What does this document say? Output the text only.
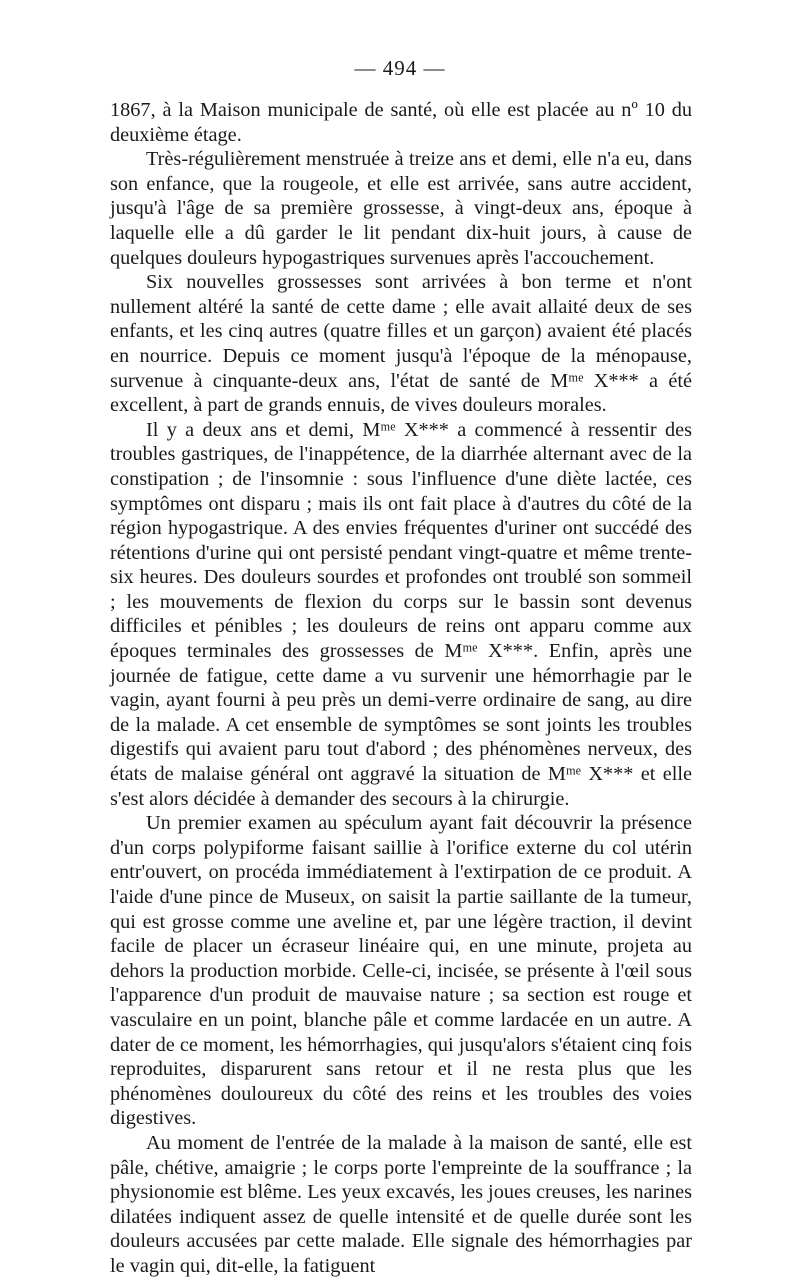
— 494 —

1867, à la Maison municipale de santé, où elle est placée au nº 10 du deuxième étage.

Très-régulièrement menstruée à treize ans et demi, elle n'a eu, dans son enfance, que la rougeole, et elle est arrivée, sans autre accident, jusqu'à l'âge de sa première grossesse, à vingt-deux ans, époque à laquelle elle a dû garder le lit pendant dix-huit jours, à cause de quelques douleurs hypogastriques survenues après l'accouchement.

Six nouvelles grossesses sont arrivées à bon terme et n'ont nullement altéré la santé de cette dame ; elle avait allaité deux de ses enfants, et les cinq autres (quatre filles et un garçon) avaient été placés en nourrice. Depuis ce moment jusqu'à l'époque de la ménopause, survenue à cinquante-deux ans, l'état de santé de Mᵐᵉ X*** a été excellent, à part de grands ennuis, de vives douleurs morales.

Il y a deux ans et demi, Mᵐᵉ X*** a commencé à ressentir des troubles gastriques, de l'inappétence, de la diarrhée alternant avec de la constipation ; de l'insomnie : sous l'influence d'une diète lactée, ces symptômes ont disparu ; mais ils ont fait place à d'autres du côté de la région hypogastrique. A des envies fréquentes d'uriner ont succédé des rétentions d'urine qui ont persisté pendant vingt-quatre et même trente-six heures. Des douleurs sourdes et profondes ont troublé son sommeil ; les mouvements de flexion du corps sur le bassin sont devenus difficiles et pénibles ; les douleurs de reins ont apparu comme aux époques terminales des grossesses de Mᵐᵉ X***. Enfin, après une journée de fatigue, cette dame a vu survenir une hémorrhagie par le vagin, ayant fourni à peu près un demi-verre ordinaire de sang, au dire de la malade. A cet ensemble de symptômes se sont joints les troubles digestifs qui avaient paru tout d'abord ; des phénomènes nerveux, des états de malaise général ont aggravé la situation de Mᵐᵉ X*** et elle s'est alors décidée à demander des secours à la chirurgie.

Un premier examen au spéculum ayant fait découvrir la présence d'un corps polypiforme faisant saillie à l'orifice externe du col utérin entr'ouvert, on procéda immédiatement à l'extirpation de ce produit. A l'aide d'une pince de Museux, on saisit la partie saillante de la tumeur, qui est grosse comme une aveline et, par une légère traction, il devint facile de placer un écraseur linéaire qui, en une minute, projeta au dehors la production morbide. Celle-ci, incisée, se présente à l'œil sous l'apparence d'un produit de mauvaise nature ; sa section est rouge et vasculaire en un point, blanche pâle et comme lardacée en un autre. A dater de ce moment, les hémorrhagies, qui jusqu'alors s'étaient cinq fois reproduites, disparurent sans retour et il ne resta plus que les phénomènes douloureux du côté des reins et les troubles des voies digestives.

Au moment de l'entrée de la malade à la maison de santé, elle est pâle, chétive, amaigrie ; le corps porte l'empreinte de la souffrance ; la physionomie est blême. Les yeux excavés, les joues creuses, les narines dilatées indiquent assez de quelle intensité et de quelle durée sont les douleurs accusées par cette malade. Elle signale des hémorrhagies par le vagin qui, dit-elle, la fatiguent
